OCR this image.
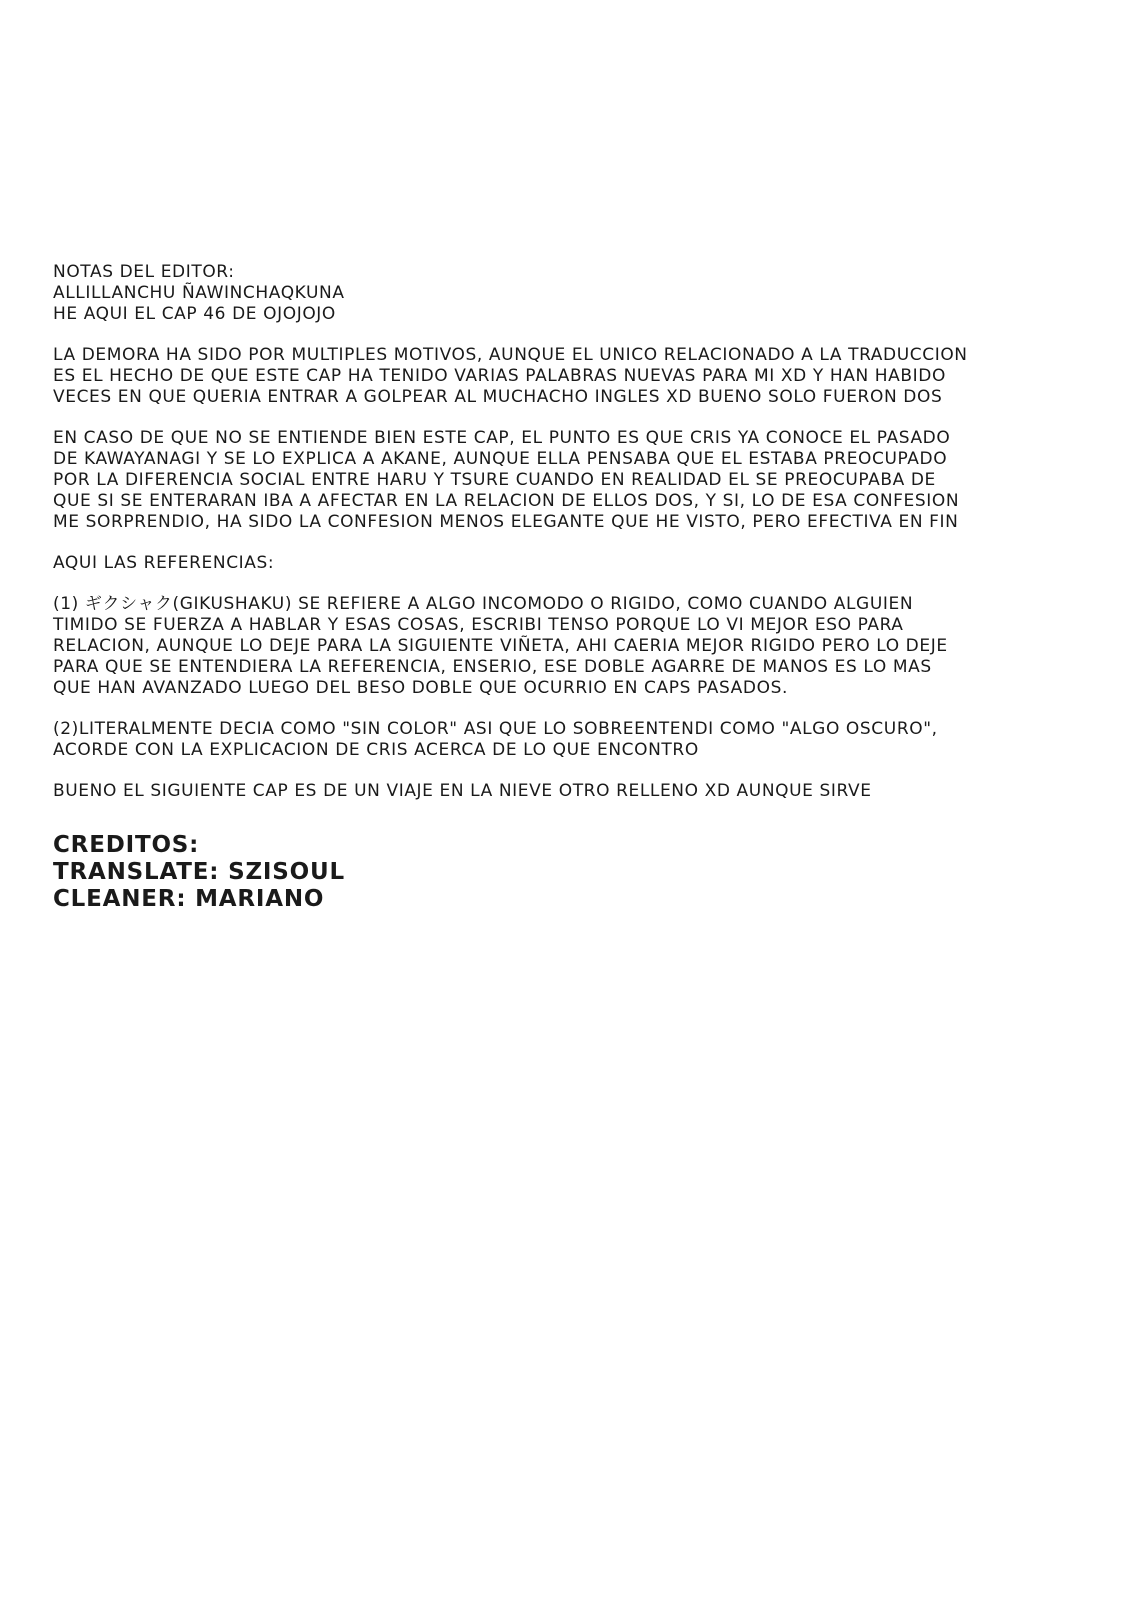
NOTAS DEL EDITOR:

ALLILLANCHU ÑAWINCHAQKUNA

HE AQUI EL CAP 46 DE OJOJOJO

LA DEMORA HA SIDO POR MULTIPLES MOTIVOS, AUNQUE EL UNICO RELACIONADO A LA TRADUCCION

ES EL HECHO DE QUE ESTE CAP HA TENIDO VARIAS PALABRAS NUEVAS PARA MI XD Y HAN HABIDO

VECES EN QUE QUERIA ENTRAR A GOLPEAR AL MUCHACHO INGLES XD BUENO SOLO FUERON DOS

EN CASO DE QUE NO SE ENTIENDE BIEN ESTE CAP, EL PUNTO ES QUE CRIS YA CONOCE EL PASADO

DE KAWAYANAGI Y SE LO EXPLICA A AKANE, AUNQUE ELLA PENSABA QUE EL ESTABA PREOCUPADO

POR LA DIFERENCIA SOCIAL ENTRE HARU Y TSURE CUANDO EN REALIDAD EL SE PREOCUPABA DE

QUE SI SE ENTERARAN IBA A AFECTAR EN LA RELACION DE ELLOS DOS, Y SI, LO DE ESA CONFESION

ME SORPRENDIO, HA SIDO LA CONFESION MENOS ELEGANTE QUE HE VISTO, PERO EFECTIVA EN FIN

AQUI LAS REFERENCIAS:

(1) ギクシャク(GIKUSHAKU) SE REFIERE A ALGO INCOMODO O RIGIDO, COMO CUANDO ALGUIEN

TIMIDO SE FUERZA A HABLAR Y ESAS COSAS, ESCRIBI TENSO PORQUE LO VI MEJOR ESO PARA

RELACION, AUNQUE LO DEJE PARA LA SIGUIENTE VIÑETA, AHI CAERIA MEJOR RIGIDO PERO LO DEJE

PARA QUE SE ENTENDIERA LA REFERENCIA, ENSERIO, ESE DOBLE AGARRE DE MANOS ES LO MAS

QUE HAN AVANZADO LUEGO DEL BESO DOBLE QUE OCURRIO EN CAPS PASADOS.

(2)LITERALMENTE DECIA COMO "SIN COLOR" ASI QUE LO SOBREENTENDI COMO "ALGO OSCURO",

ACORDE CON LA EXPLICACION DE CRIS ACERCA DE LO QUE ENCONTRO

BUENO EL SIGUIENTE CAP ES DE UN VIAJE EN LA NIEVE OTRO RELLENO XD AUNQUE SIRVE

CREDITOS:

TRANSLATE: SZISOUL

CLEANER: MARIANO
